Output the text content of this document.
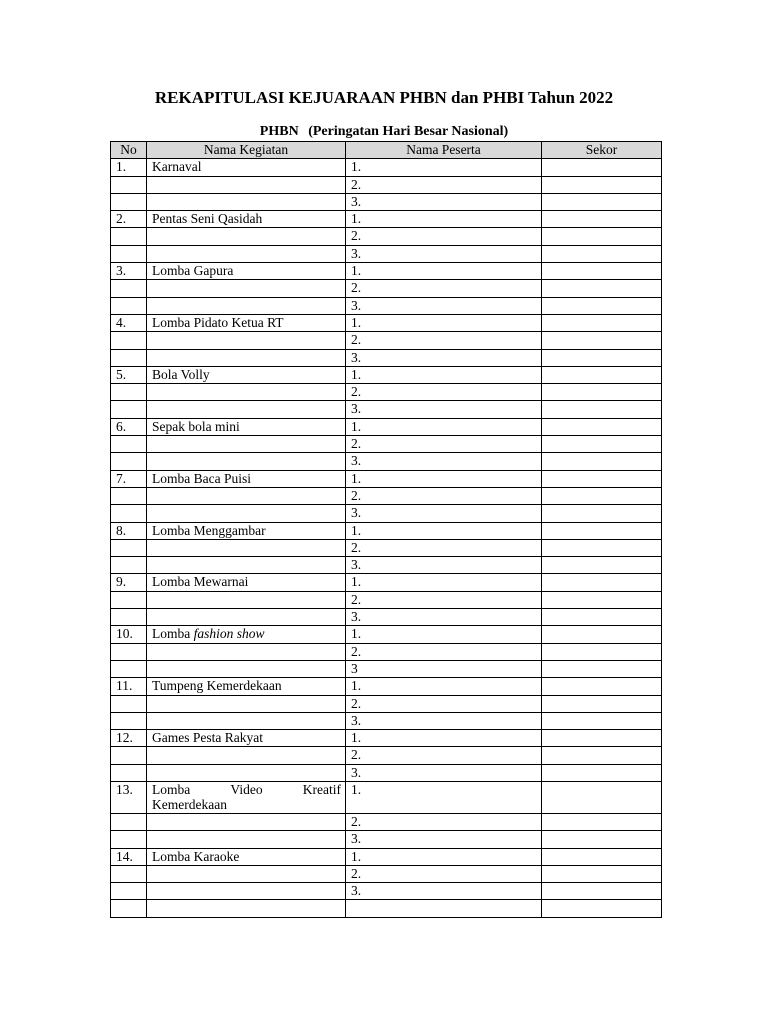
REKAPITULASI KEJUARAAN PHBN dan PHBI Tahun 2022
PHBN (Peringatan Hari Besar Nasional)
No	Nama Kegiatan	Nama Peserta	Sekor
1.	Karnaval	1.	
		2.	
		3.	
2.	Pentas Seni Qasidah	1.	
		2.	
		3.	
3.	Lomba Gapura	1.	
		2.	
		3.	
4.	Lomba Pidato Ketua RT	1.	
		2.	
		3.	
5.	Bola Volly	1.	
		2.	
		3.	
6.	Sepak bola mini	1.	
		2.	
		3.	
7.	Lomba Baca Puisi	1.	
		2.	
		3.	
8.	Lomba Menggambar	1.	
		2.	
		3.	
9.	Lomba Mewarnai	1.	
		2.	
		3.	
10.	Lomba fashion show	1.	
		2.	
		3	
11.	Tumpeng Kemerdekaan	1.	
		2.	
		3.	
12.	Games Pesta Rakyat	1.	
		2.	
		3.	
13.	Lomba Video Kreatif
Kemerdekaan	1.	
		2.	
		3.	
14.	Lomba Karaoke	1.	
		2.	
		3.	
